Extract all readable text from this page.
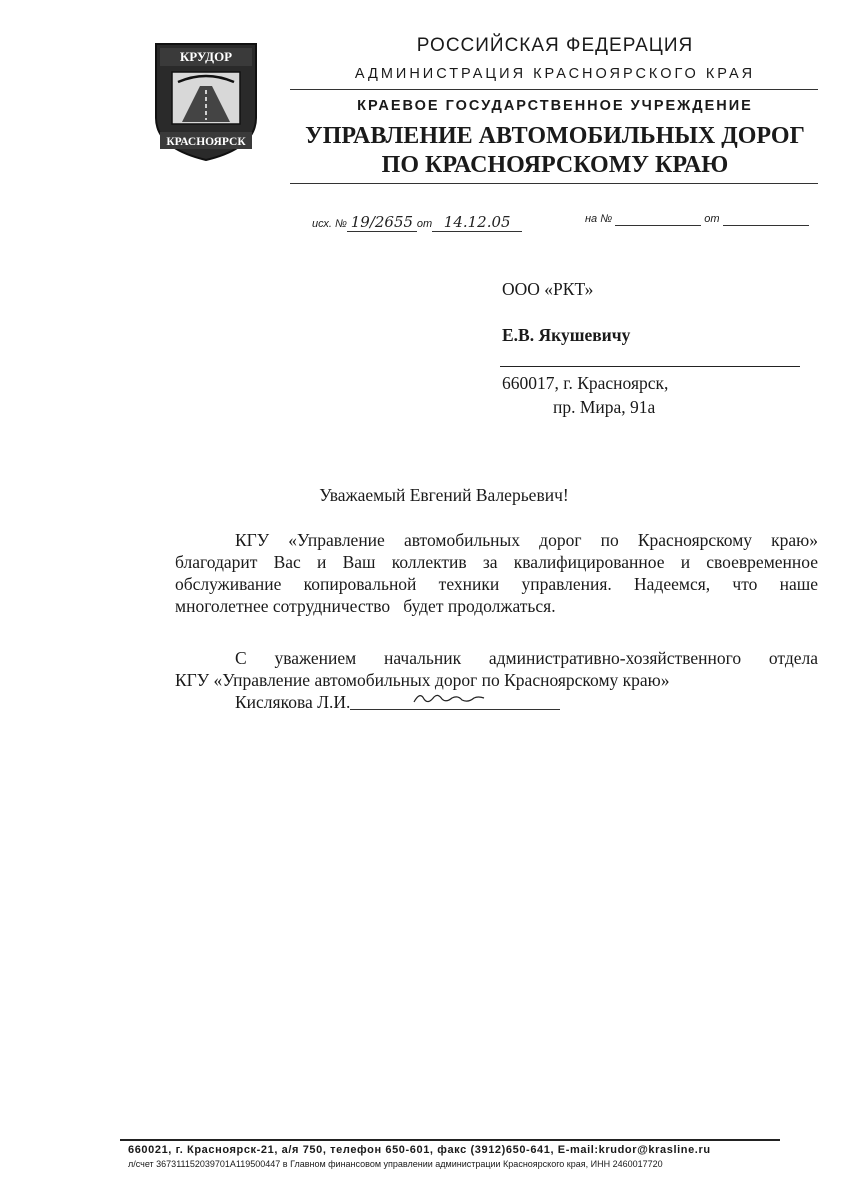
КРУДОР
КРАСНОЯРСК
РОССИЙСКАЯ ФЕДЕРАЦИЯ
АДМИНИСТРАЦИЯ КРАСНОЯРСКОГО КРАЯ
КРАЕВОЕ ГОСУДАРСТВЕННОЕ УЧРЕЖДЕНИЕ
УПРАВЛЕНИЕ АВТОМОБИЛЬНЫХ ДОРОГ
ПО КРАСНОЯРСКОМУ КРАЮ
исх. № 19/2655 от 14.12.05	на №	от
ООО «РКТ»
Е.В. Якушевичу
660017, г. Красноярск,
пр. Мира, 91а
Уважаемый Евгений Валерьевич!
КГУ «Управление автомобильных дорог по Красноярскому краю»
благодарит Вас и Ваш коллектив за квалифицированное и своевременное
обслуживание копировальной техники управления. Надеемся, что наше
многолетнее сотрудничество   будет продолжаться.
С уважением начальник административно-хозяйственного отдела
КГУ «Управление автомобильных дорог по Красноярскому краю»
Кислякова Л.И.
660021, г. Красноярск-21, а/я 750, телефон 650-601, факс (3912)650-641, E-mail:krudor@krasline.ru
л/счет 367311152039701А119500447 в Главном финансовом управлении администрации Красноярского края, ИНН 2460017720
